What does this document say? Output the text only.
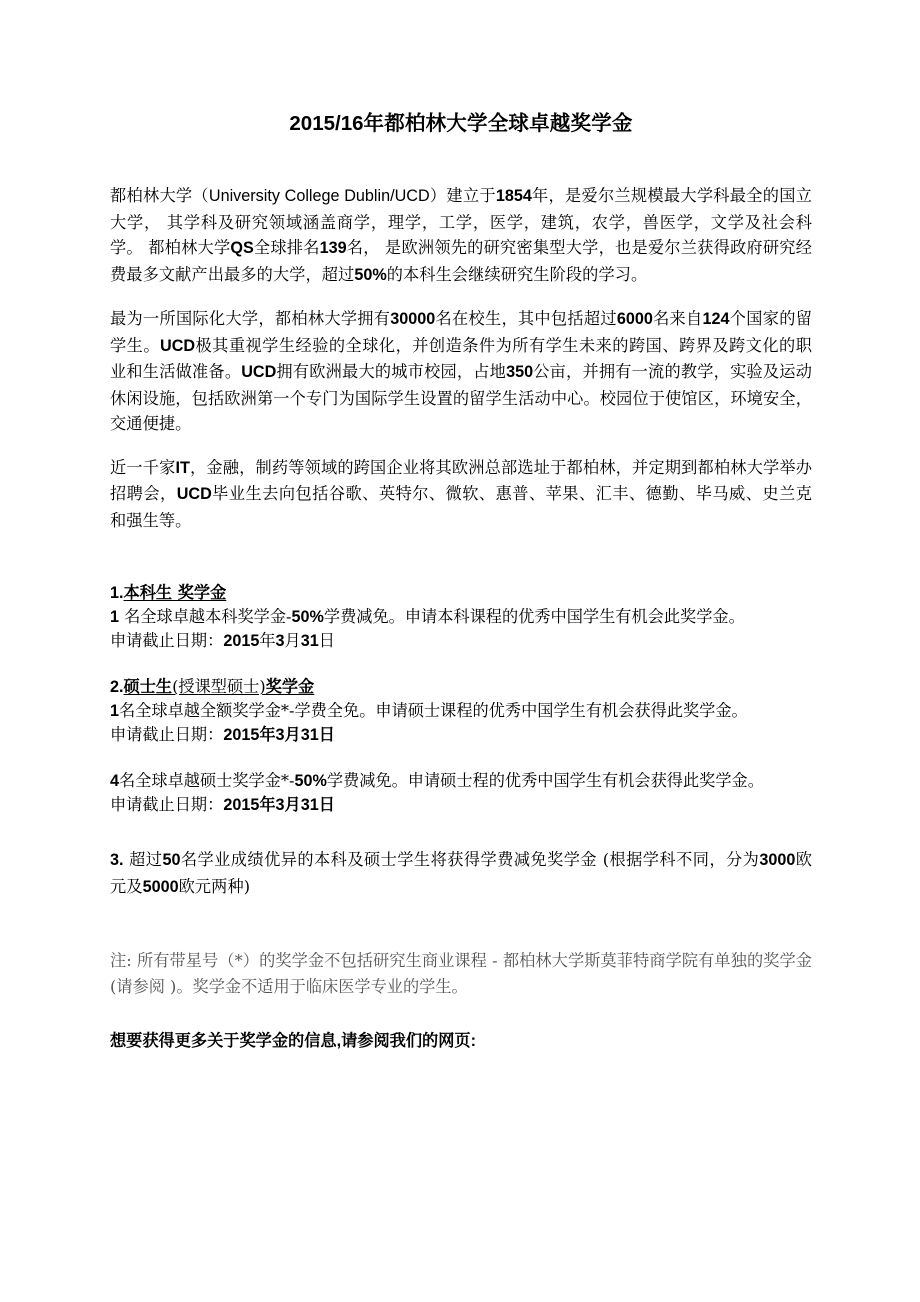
2015/16年都柏林大学全球卓越奖学金

都柏林大学（University College Dublin/UCD）建立于1854年，是爱尔兰规模最大学科最全的国立大学， 其学科及研究领域涵盖商学，理学，工学，医学，建筑，农学，兽医学，文学及社会科学。 都柏林大学QS全球排名139名， 是欧洲领先的研究密集型大学，也是爱尔兰获得政府研究经费最多文献产出最多的大学，超过50%的本科生会继续研究生阶段的学习。

最为一所国际化大学，都柏林大学拥有30000名在校生，其中包括超过6000名来自124个国家的留学生。UCD极其重视学生经验的全球化，并创造条件为所有学生未来的跨国、跨界及跨文化的职业和生活做准备。UCD拥有欧洲最大的城市校园，占地350公亩，并拥有一流的教学，实验及运动休闲设施，包括欧洲第一个专门为国际学生设置的留学生活动中心。校园位于使馆区，环境安全，交通便捷。

近一千家IT，金融，制药等领域的跨国企业将其欧洲总部选址于都柏林，并定期到都柏林大学举办招聘会，UCD毕业生去向包括谷歌、英特尔、微软、惠普、苹果、汇丰、德勤、毕马威、史兰克和强生等。

1.本科生 奖学金

1 名全球卓越本科奖学金-50%学费减免。申请本科课程的优秀中国学生有机会此奖学金。

申请截止日期：2015年3月31日

2.硕士生(授课型硕士)奖学金

1名全球卓越全额奖学金*-学费全免。申请硕士课程的优秀中国学生有机会获得此奖学金。

申请截止日期：2015年3月31日

4名全球卓越硕士奖学金*-50%学费减免。申请硕士程的优秀中国学生有机会获得此奖学金。

申请截止日期：2015年3月31日

3. 超过50名学业成绩优异的本科及硕士学生将获得学费减免奖学金 (根据学科不同，分为3000欧元及5000欧元两种)

注: 所有带星号（*）的奖学金不包括研究生商业课程 - 都柏林大学斯莫菲特商学院有单独的奖学金 (请参阅 )。奖学金不适用于临床医学专业的学生。

想要获得更多关于奖学金的信息,请参阅我们的网页:
